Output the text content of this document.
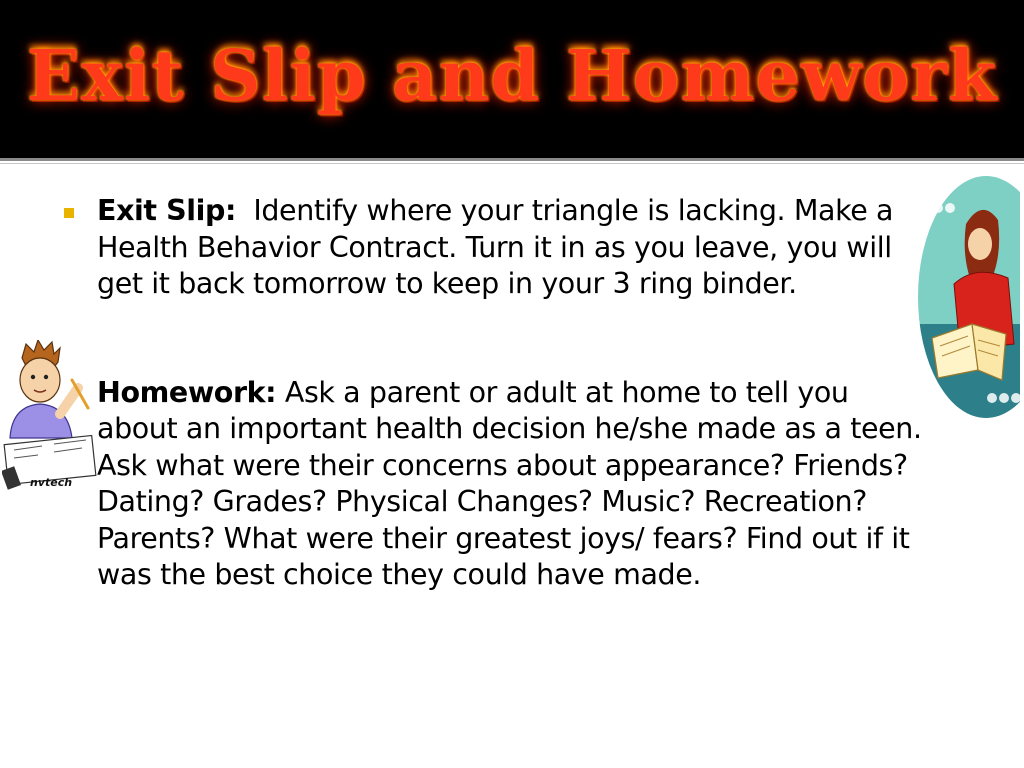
Exit Slip and Homework

Exit Slip: Identify where your triangle is lacking. Make a Health Behavior Contract. Turn it in as you leave, you will get it back tomorrow to keep in your 3 ring binder.

Homework: Ask a parent or adult at home to tell you about an important health decision he/she made as a teen. Ask what were their concerns about appearance? Friends? Dating? Grades? Physical Changes? Music? Recreation? Parents? What were their greatest joys/ fears? Find out if it was the best choice they could have made.

nvtech
